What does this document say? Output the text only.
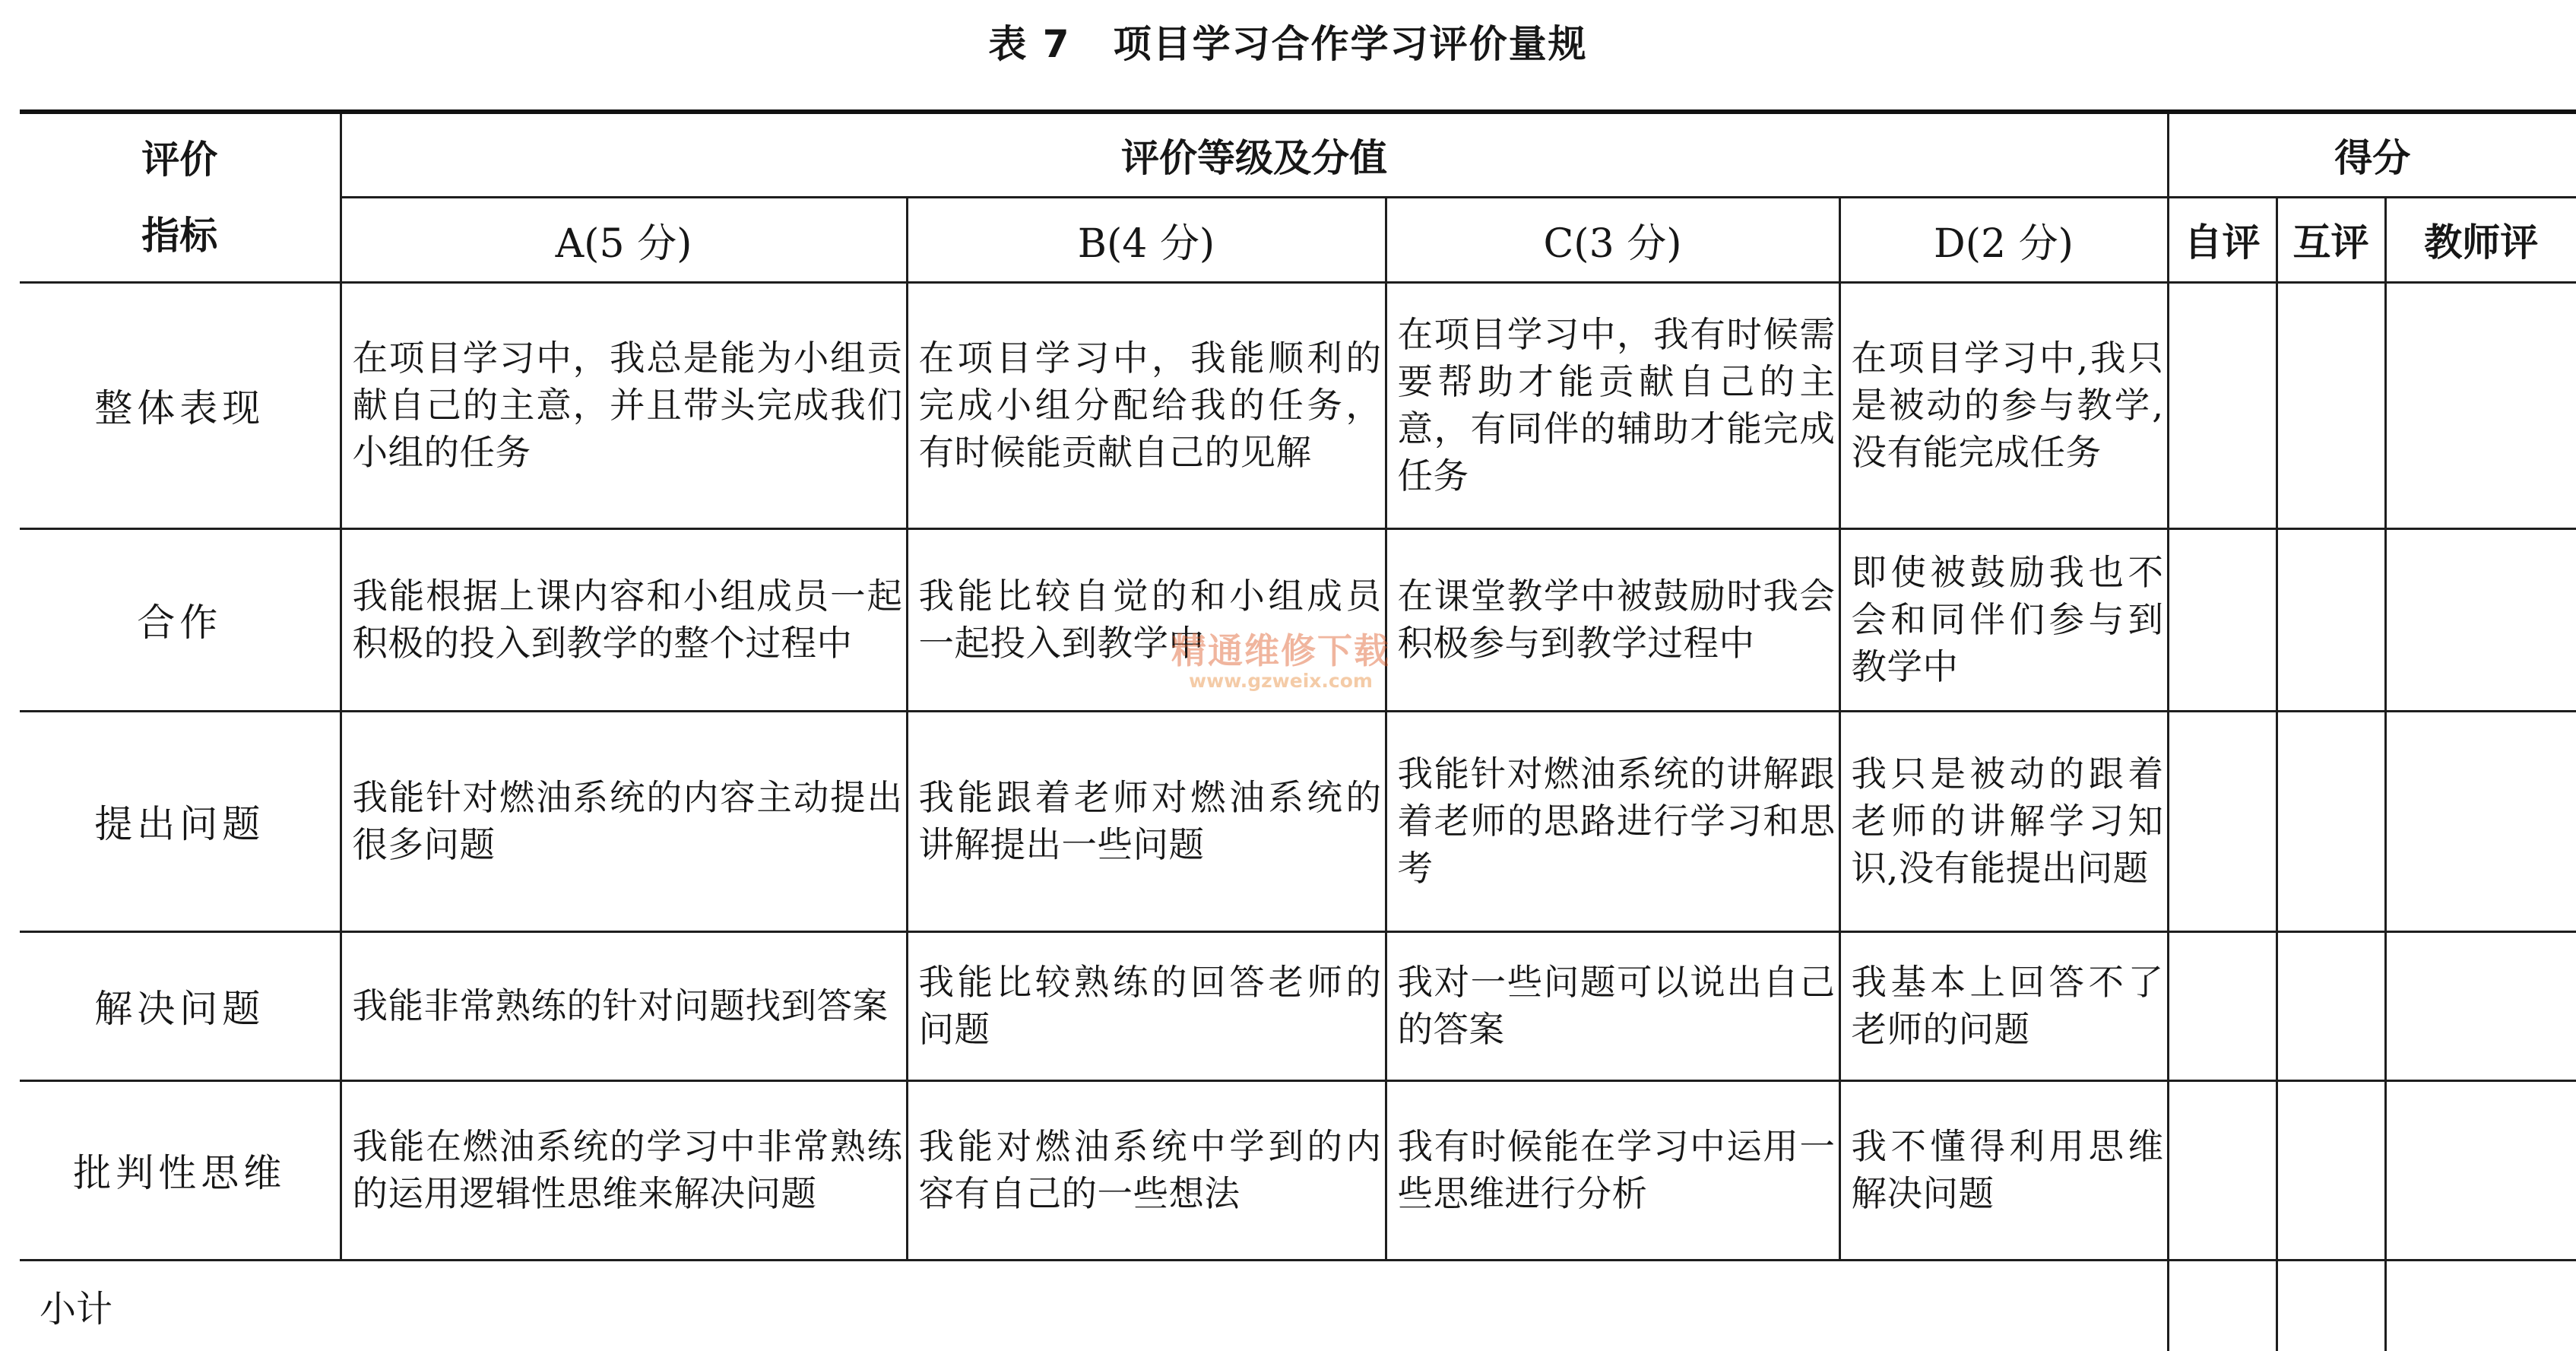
表 7 项目学习合作学习评价量规
评价
指标	评价等级及分值				得分		
	A(5 分)	B(4 分)	C(3 分)	D(2 分)	自评	互评	教师评
整体表现	在项目学习中，我总是能为小组贡献自己的主意，并且带头完成我们小组的任务	在项目学习中，我能顺利的完成小组分配给我的任务，有时候能贡献自己的见解	在项目学习中，我有时候需要帮助才能贡献自己的主意，有同伴的辅助才能完成任务	在项目学习中,我只是被动的参与教学,没有能完成任务			
合作	我能根据上课内容和小组成员一起积极的投入到教学的整个过程中	我能比较自觉的和小组成员一起投入到教学中	在课堂教学中被鼓励时我会积极参与到教学过程中	即使被鼓励我也不会和同伴们参与到教学中			
提出问题	我能针对燃油系统的内容主动提出很多问题	我能跟着老师对燃油系统的讲解提出一些问题	我能针对燃油系统的讲解跟着老师的思路进行学习和思考	我只是被动的跟着老师的讲解学习知识,没有能提出问题			
解决问题	我能非常熟练的针对问题找到答案	我能比较熟练的回答老师的问题	我对一些问题可以说出自己的答案	我基本上回答不了老师的问题			
批判性思维	我能在燃油系统的学习中非常熟练的运用逻辑性思维来解决问题	我能对燃油系统中学到的内容有自己的一些想法	我有时候能在学习中运用一些思维进行分析	我不懂得利用思维解决问题			
小计							
精通维修下载
www.gzweix.com
